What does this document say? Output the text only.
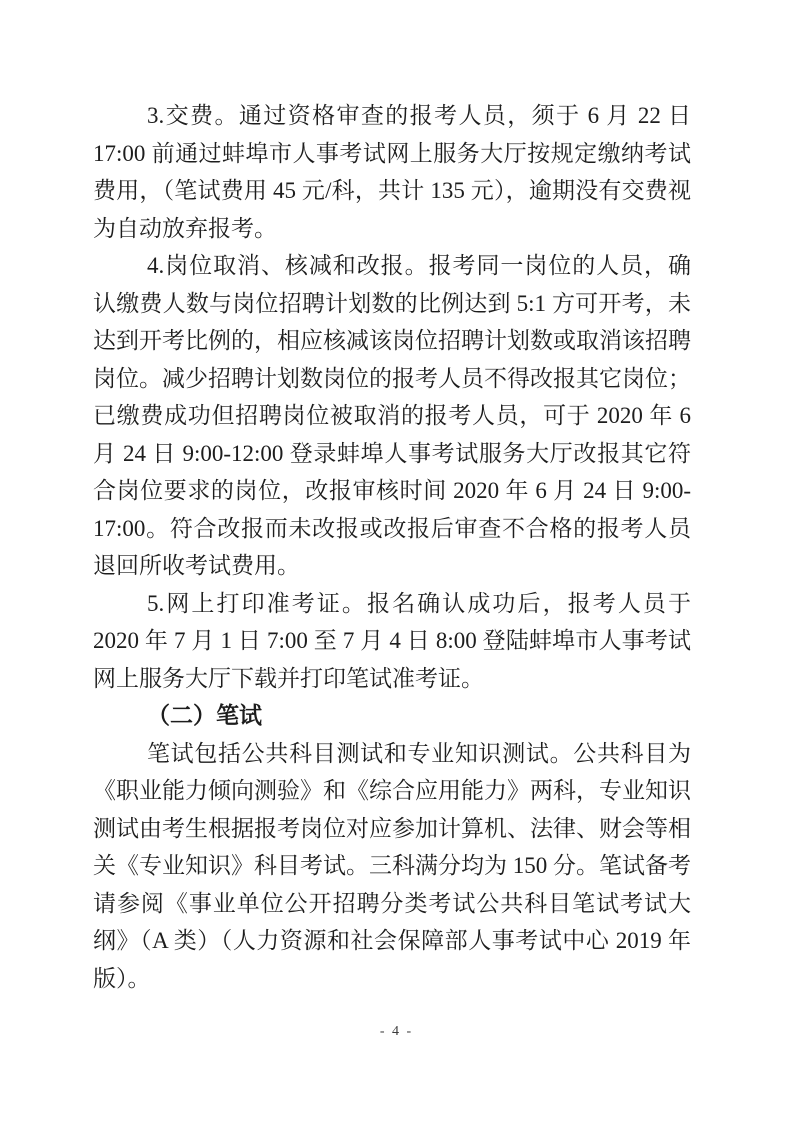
3.交费。通过资格审查的报考人员，须于 6 月 22 日 17:00 前通过蚌埠市人事考试网上服务大厅按规定缴纳考试费用，（笔试费用 45 元/科，共计 135 元），逾期没有交费视为自动放弃报考。

4.岗位取消、核减和改报。报考同一岗位的人员，确认缴费人数与岗位招聘计划数的比例达到 5:1 方可开考，未达到开考比例的，相应核减该岗位招聘计划数或取消该招聘岗位。减少招聘计划数岗位的报考人员不得改报其它岗位；已缴费成功但招聘岗位被取消的报考人员，可于 2020 年 6 月 24 日 9:00-12:00 登录蚌埠人事考试服务大厅改报其它符合岗位要求的岗位，改报审核时间 2020 年 6 月 24 日 9:00-17:00。符合改报而未改报或改报后审查不合格的报考人员退回所收考试费用。

5.网上打印准考证。报名确认成功后，报考人员于 2020 年 7 月 1 日 7:00 至 7 月 4 日 8:00 登陆蚌埠市人事考试网上服务大厅下载并打印笔试准考证。

（二）笔试

笔试包括公共科目测试和专业知识测试。公共科目为《职业能力倾向测验》和《综合应用能力》两科，专业知识测试由考生根据报考岗位对应参加计算机、法律、财会等相关《专业知识》科目考试。三科满分均为 150 分。笔试备考请参阅《事业单位公开招聘分类考试公共科目笔试考试大纲》（A 类）（人力资源和社会保障部人事考试中心 2019 年版）。

- 4 -
